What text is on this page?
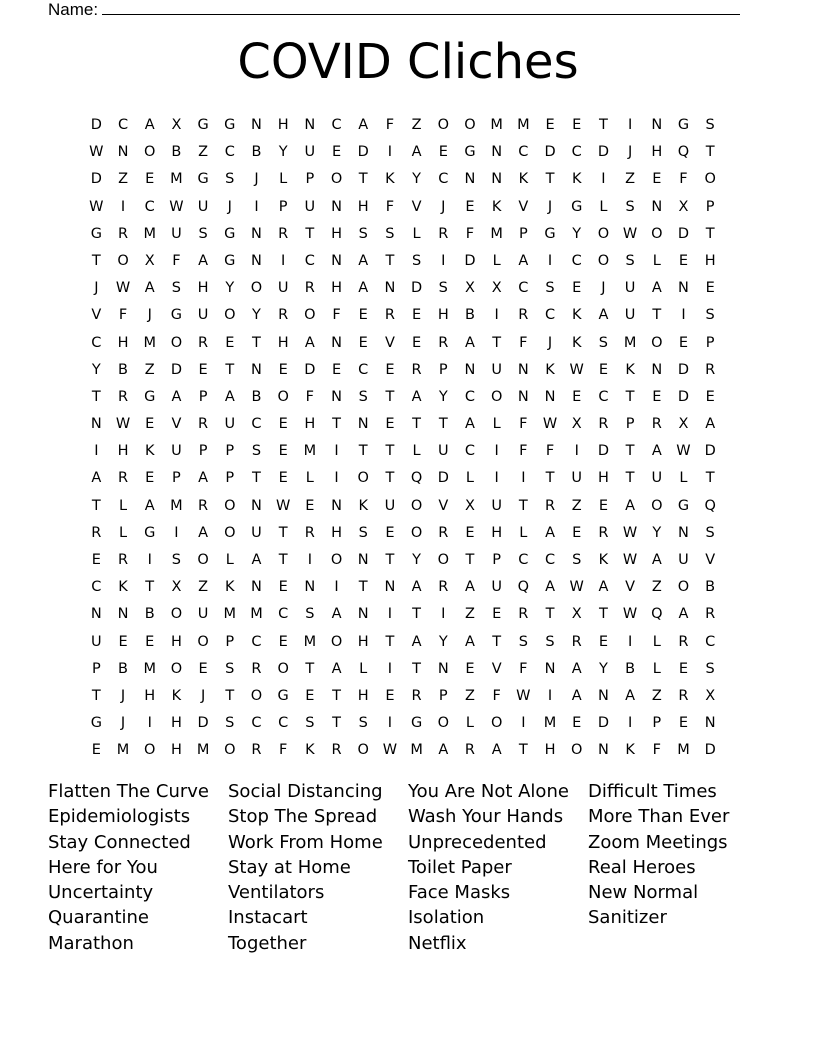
Name:
COVID Cliches
D	C	A	X	G	G	N	H	N	C	A	F	Z	O	O	M M	E	E	T	I	N	G	S
W N	O	B	Z	C	B	Y	U	E	D	I	A	E	G	N	C	D	C	D	J	H	Q	T
D	Z	E	M	G	S	J	L	P	O	T	K	Y	C	N	N	K	T	K	I	Z	E	F	O
W	I	C W U	J	I	P	U	N	H	F	V	J	E	K	V	J	G	L	S	N	X	P
G	R	M	U	S	G	N	R	T	H	S	S	L	R	F	M	P	G	Y	O W O	D	T
T	O	X	F	A	G	N	I	C	N	A	T	S	I	D	L	A	I	C	O	S	L	E	H
J	W	A	S	H	Y	O	U	R	H	A	N	D	S	X	X	C	S	E	J	U	A	N	E
V	F	J	G	U	O	Y	R	O	F	E	R	E	H	B	I	R	C	K	A	U	T	I	S
C	H	M	O	R	E	T	H	A	N	E	V	E	R	A	T	F	J	K	S	M	O	E	P
Y	B	Z	D	E	T	N	E	D	E	C	E	R	P	N	U	N	K	W	E	K	N	D	R
T	R	G	A	P	A	B	O	F	N	S	T	A	Y	C	O	N	N	E	C	T	E	D	E
N W	E	V	R	U	C	E	H	T	N	E	T	T	A	L	F	W	X	R	P	R	X	A
I	H	K	U	P	P	S	E	M	I	T	T	L	U	C	I	F	F	I	D	T	A	W D
A	R	E	P	A	P	T	E	L	I	O	T	Q	D	L	I	I	T	U	H	T	U	L	T
T	L	A	M	R	O	N W	E	N	K	U	O	V	X	U	T	R	Z	E	A	O	G	Q
R	L	G	I	A	O	U	T	R	H	S	E	O	R	E	H	L	A	E	R W	Y	N	S
E	R	I	S	O	L	A	T	I	O	N	T	Y	O	T	P	C	C	S	K	W	A	U	V
C	K	T	X	Z	K	N	E	N	I	T	N	A	R	A	U	Q	A	W	A	V	Z	O	B
N	N	B	O	U	M M	C	S	A	N	I	T	I	Z	E	R	T	X	T	W Q	A	R
U	E	E	H	O	P	C	E	M	O	H	T	A	Y	A	T	S	S	R	E	I	L	R	C
P	B	M	O	E	S	R	O	T	A	L	I	T	N	E	V	F	N	A	Y	B	L	E	S
T	J	H	K	J	T	O	G	E	T	H	E	R	P	Z	F	W	I	A	N	A	Z	R	X
G	J	I	H	D	S	C	C	S	T	S	I	G	O	L	O	I	M	E	D	I	P	E	N
E	M	O	H	M	O	R	F	K	R	O W M	A	R	A	T	H	O	N	K	F	M	D
Flatten The Curve
Epidemiologists
Stay Connected
Here for You
Uncertainty
Quarantine
Marathon
Social Distancing
Stop The Spread
Work From Home
Stay at Home
Ventilators
Instacart
Together
You Are Not Alone
Wash Your Hands
Unprecedented
Toilet Paper
Face Masks
Isolation
Netflix
Difficult Times
More Than Ever
Zoom Meetings
Real Heroes
New Normal
Sanitizer
